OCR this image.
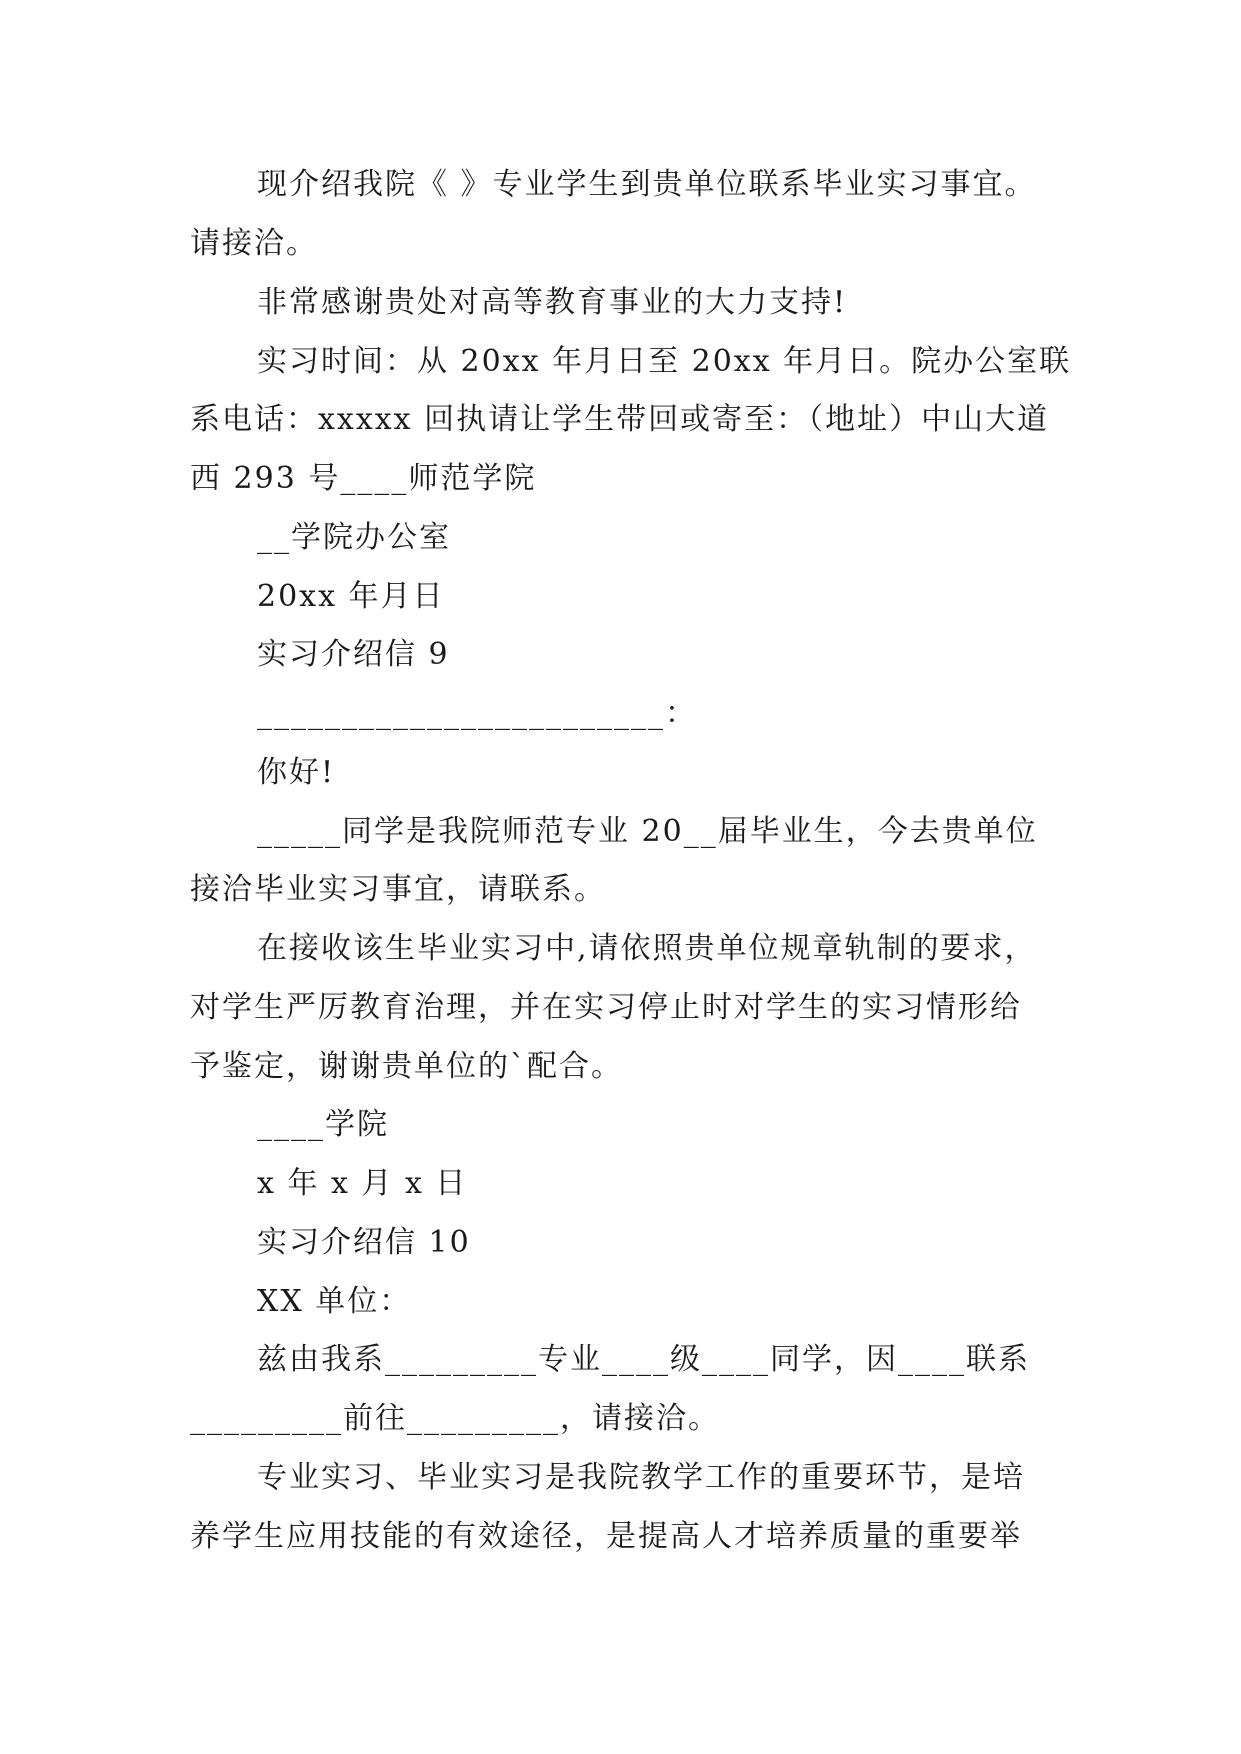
现介绍我院《 》专业学生到贵单位联系毕业实习事宜。
请接洽。
非常感谢贵处对高等教育事业的大力支持!
实习时间：从 20xx 年月日至 20xx 年月日。院办公室联
系电话：xxxxx 回执请让学生带回或寄至：（地址）中山大道
西 293 号____师范学院
__学院办公室
20xx 年月日
实习介绍信 9
________________________：
你好!
_____同学是我院师范专业 20__届毕业生，今去贵单位
接洽毕业实习事宜，请联系。
在接收该生毕业实习中,请依照贵单位规章轨制的要求，
对学生严厉教育治理，并在实习停止时对学生的实习情形给
予鉴定，谢谢贵单位的`配合。
____学院
x 年 x 月 x 日
实习介绍信 10
XX 单位：
兹由我系_________专业____级____同学，因____联系
_________前往_________，请接洽。
专业实习、毕业实习是我院教学工作的重要环节，是培
养学生应用技能的有效途径，是提高人才培养质量的重要举
